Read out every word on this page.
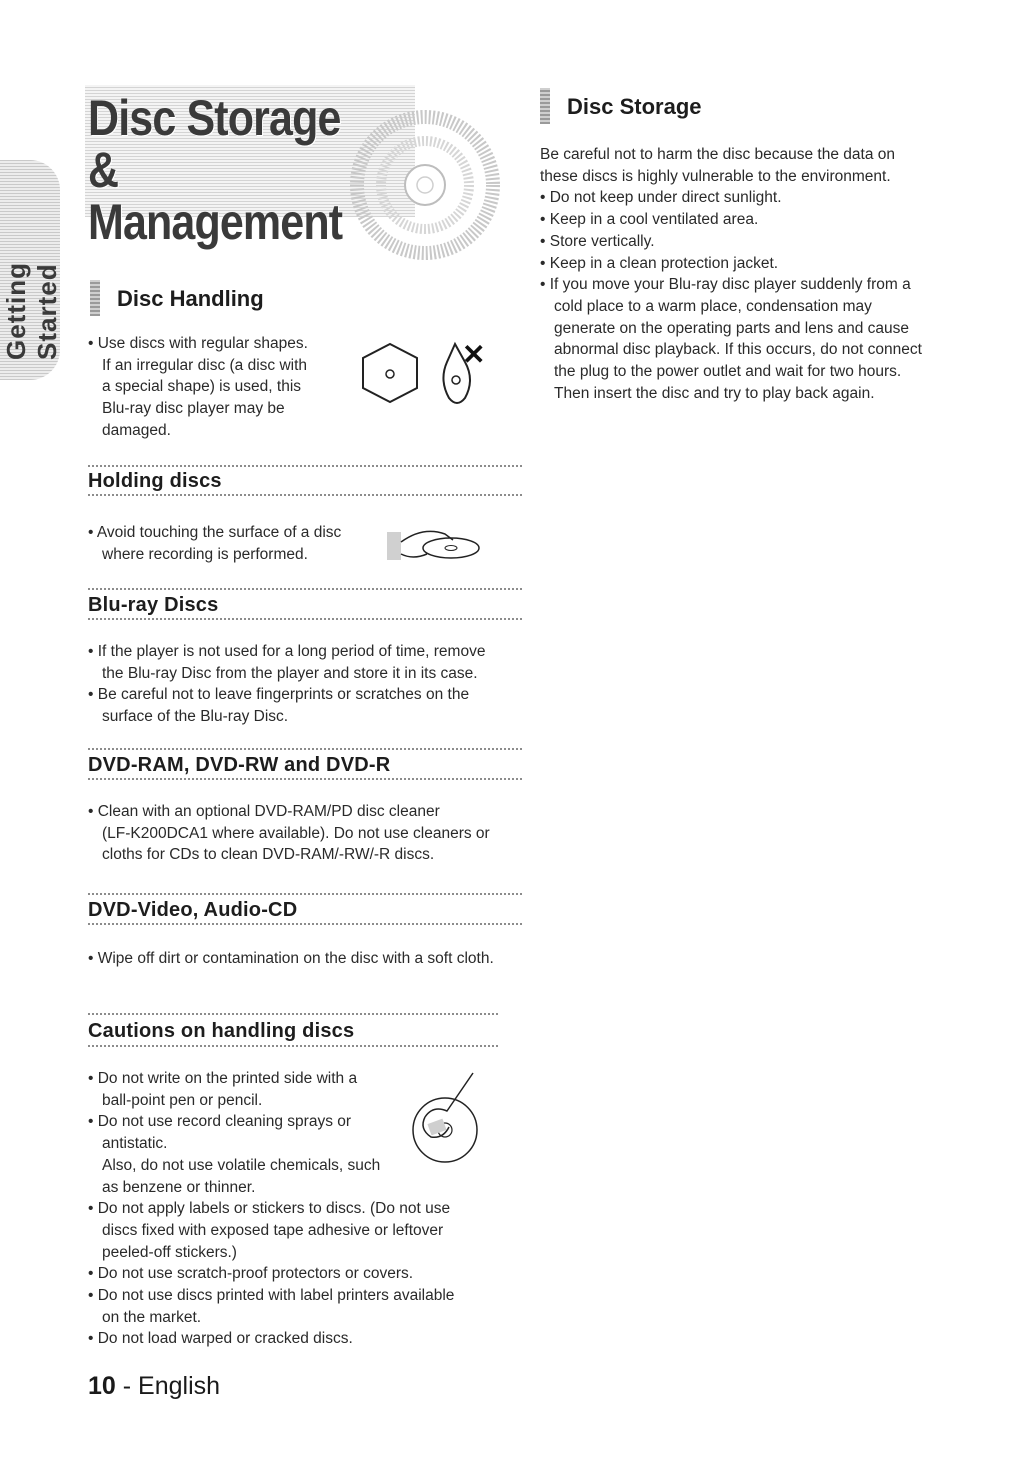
Getting Started
Disc Storage &
Management
Disc Handling

• Use discs with regular shapes.

If an irregular disc (a disc with

a special shape) is used, this

Blu-ray disc player may be

damaged.

✕
Holding discs

• Avoid touching the surface of a disc

where recording is performed.

Blu-ray Discs

• If the player is not used for a long period of time, remove

the Blu-ray Disc from the player and store it in its case.

• Be careful not to leave fingerprints or scratches on the

surface of the Blu-ray Disc.

DVD-RAM, DVD-RW and DVD-R

• Clean with an optional DVD-RAM/PD disc cleaner

(LF-K200DCA1 where available). Do not use cleaners or

cloths for CDs to clean DVD-RAM/-RW/-R discs.

DVD-Video, Audio-CD

• Wipe off dirt or contamination on the disc with a soft cloth.

Cautions on handling discs

• Do not write on the printed side with a

ball-point pen or pencil.

• Do not use record cleaning sprays or

antistatic.

Also, do not use volatile chemicals, such

as benzene or thinner.

• Do not apply labels or stickers to discs. (Do not use

discs fixed with exposed tape adhesive or leftover

peeled-off stickers.)

• Do not use scratch-proof protectors or covers.

• Do not use discs printed with label printers available

on the market.

• Do not load warped or cracked discs.

Disc Storage

Be careful not to harm the disc because the data on

these discs is highly vulnerable to the environment.

• Do not keep under direct sunlight.

• Keep in a cool ventilated area.

• Store vertically.

• Keep in a clean protection jacket.

• If you move your Blu-ray disc player suddenly from a

cold place to a warm place, condensation may

generate on the operating parts and lens and cause

abnormal disc playback. If this occurs, do not connect

the plug to the power outlet and wait for two hours.

Then insert the disc and try to play back again.

10 - English
